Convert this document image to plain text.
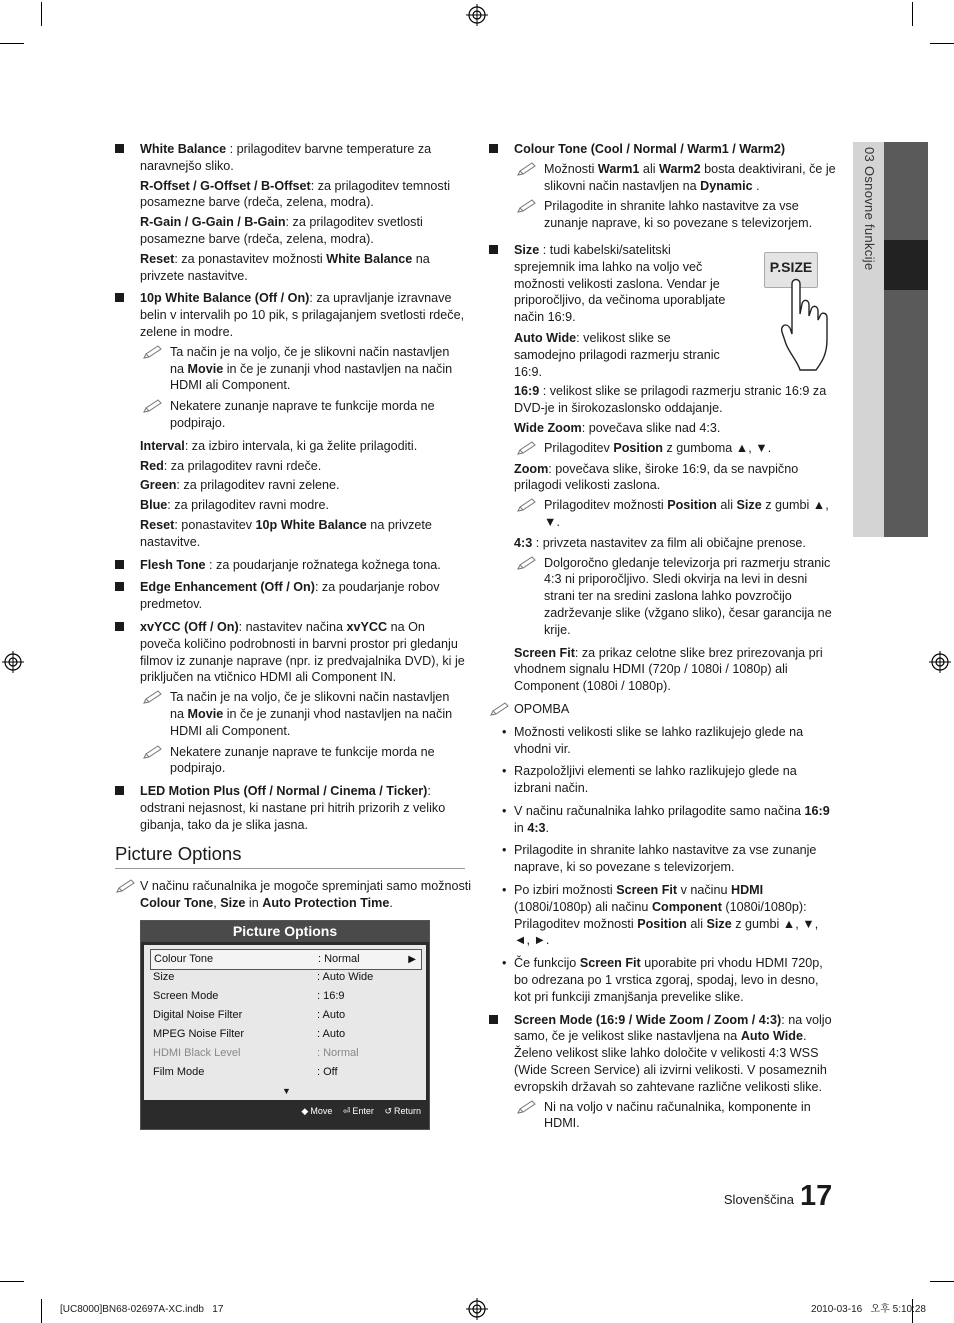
03 Osnovne funkcije

White Balance : prilagoditev barvne temperature za naravnejšo sliko.

R-Offset / G-Offset / B-Offset: za prilagoditev temnosti posamezne barve (rdeča, zelena, modra).

R-Gain / G-Gain / B-Gain: za prilagoditev svetlosti posamezne barve (rdeča, zelena, modra).

Reset: za ponastavitev možnosti White Balance na privzete nastavitve.

10p White Balance (Off / On): za upravljanje izravnave belin v intervalih po 10 pik, s prilagajanjem svetlosti rdeče, zelene in modre.

Ta način je na voljo, če je slikovni način nastavljen na Movie in če je zunanji vhod nastavljen na način HDMI ali Component.
Nekatere zunanje naprave te funkcije morda ne podpirajo.

Interval: za izbiro intervala, ki ga želite prilagoditi.

Red: za prilagoditev ravni rdeče.

Green: za prilagoditev ravni zelene.

Blue: za prilagoditev ravni modre.

Reset: ponastavitev 10p White Balance na privzete nastavitve.

Flesh Tone : za poudarjanje rožnatega kožnega tona.

Edge Enhancement (Off / On): za poudarjanje robov predmetov.

xvYCC (Off / On): nastavitev načina xvYCC na On poveča količino podrobnosti in barvni prostor pri gledanju filmov iz zunanje naprave (npr. iz predvajalnika DVD), ki je priključen na vtičnico HDMI ali Component IN.

Ta način je na voljo, če je slikovni način nastavljen na Movie in če je zunanji vhod nastavljen na način HDMI ali Component.
Nekatere zunanje naprave te funkcije morda ne podpirajo.

LED Motion Plus (Off / Normal / Cinema / Ticker): odstrani nejasnost, ki nastane pri hitrih prizorih z veliko gibanja, tako da je slika jasna.

Picture Options
V načinu računalnika je mogoče spreminjati samo možnosti Colour Tone, Size in Auto Protection Time.
Picture Options
Colour Tone	: Normal	▶
Size	: Auto Wide
Screen Mode	: 16:9
Digital Noise Filter	: Auto
MPEG Noise Filter	: Auto
HDMI Black Level	: Normal
Film Mode	: Off
▼
◆ Move ⏎ Enter ↺ Return

Colour Tone (Cool / Normal / Warm1 / Warm2)

Možnosti Warm1 ali Warm2 bosta deaktivirani, če je slikovni način nastavljen na Dynamic .
Prilagodite in shranite lahko nastavitve za vse zunanje naprave, ki so povezane s televizorjem.

Size : tudi kabelski/satelitski sprejemnik ima lahko na voljo več možnosti velikosti zaslona. Vendar je priporočljivo, da večinoma uporabljate način 16:9.

Auto Wide: velikost slike se samodejno prilagodi razmerju stranic 16:9.

16:9 : velikost slike se prilagodi razmerju stranic 16:9 za DVD-je in širokozaslonsko oddajanje.

Wide Zoom: povečava slike nad 4:3.

Prilagoditev Position z gumboma ▲, ▼.

Zoom: povečava slike, široke 16:9, da se navpično prilagodi velikosti zaslona.

Prilagoditev možnosti Position ali Size z gumbi ▲, ▼.

4:3 : privzeta nastavitev za film ali običajne prenose.

Dolgoročno gledanje televizorja pri razmerju stranic 4:3 ni priporočljivo. Sledi okvirja na levi in desni strani ter na sredini zaslona lahko povzročijo zadrževanje slike (vžgano sliko), česar garancija ne krije.

Screen Fit: za prikaz celotne slike brez prirezovanja pri vhodnem signalu HDMI (720p / 1080i / 1080p) ali Component (1080i / 1080p).

OPOMBA
• Možnosti velikosti slike se lahko razlikujejo glede na vhodni vir.
• Razpoložljivi elementi se lahko razlikujejo glede na izbrani način.
• V načinu računalnika lahko prilagodite samo načina 16:9 in 4:3.
• Prilagodite in shranite lahko nastavitve za vse zunanje naprave, ki so povezane s televizorjem.
• Po izbiri možnosti Screen Fit v načinu HDMI (1080i/1080p) ali načinu Component (1080i/1080p): Prilagoditev možnosti Position ali Size z gumbi ▲, ▼, ◄, ►.
• Če funkcijo Screen Fit uporabite pri vhodu HDMI 720p, bo odrezana po 1 vrstica zgoraj, spodaj, levo in desno, kot pri funkciji zmanjšanja prevelike slike.

Screen Mode (16:9 / Wide Zoom / Zoom / 4:3): na voljo samo, če je velikost slike nastavljena na Auto Wide. Želeno velikost slike lahko določite v velikosti 4:3 WSS (Wide Screen Service) ali izvirni velikosti. V posameznih evropskih državah so zahtevane različne velikosti slike.

Ni na voljo v načinu računalnika, komponente in HDMI.
P.SIZE
Slovenščina 17
[UC8000]BN68-02697A-XC.indb   17	2010-03-16   오후 5:10:28
